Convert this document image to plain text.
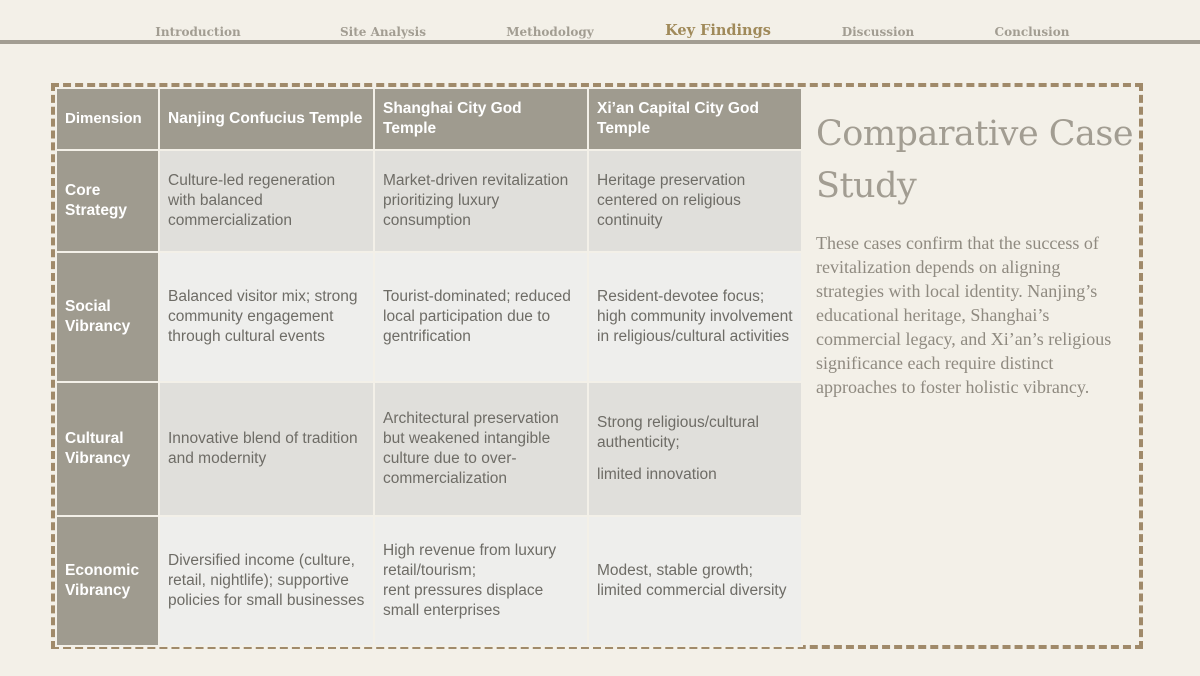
Introduction	Site Analysis	Methodology	Key Findings	Discussion	Conclusion
Dimension	Nanjing Confucius Temple	Shanghai City God Temple	Xi’an Capital City God Temple
Core Strategy	Culture-led regeneration with balanced commercialization	Market-driven revitalization prioritizing luxury consumption	Heritage preservation centered on religious continuity
Social Vibrancy	Balanced visitor mix; strong community engagement through cultural events	Tourist-dominated; reduced local participation due to gentrification	Resident-devotee focus; high community involvement in religious/cultural activities
Cultural Vibrancy	Innovative blend of tradition and modernity	Architectural preservation but weakened intangible culture due to over-commercialization	Strong religious/cultural authenticity;
limited innovation

Economic Vibrancy	Diversified income (culture, retail, nightlife); supportive policies for small businesses	High revenue from luxury retail/tourism;
rent pressures displace small enterprises	Modest, stable growth; limited commercial diversity
Comparative Case Study

These cases confirm that the success of revitalization depends on aligning strategies with local identity. Nanjing’s educational heritage, Shanghai’s commercial legacy, and Xi’an’s religious significance each require distinct approaches to foster holistic vibrancy.
